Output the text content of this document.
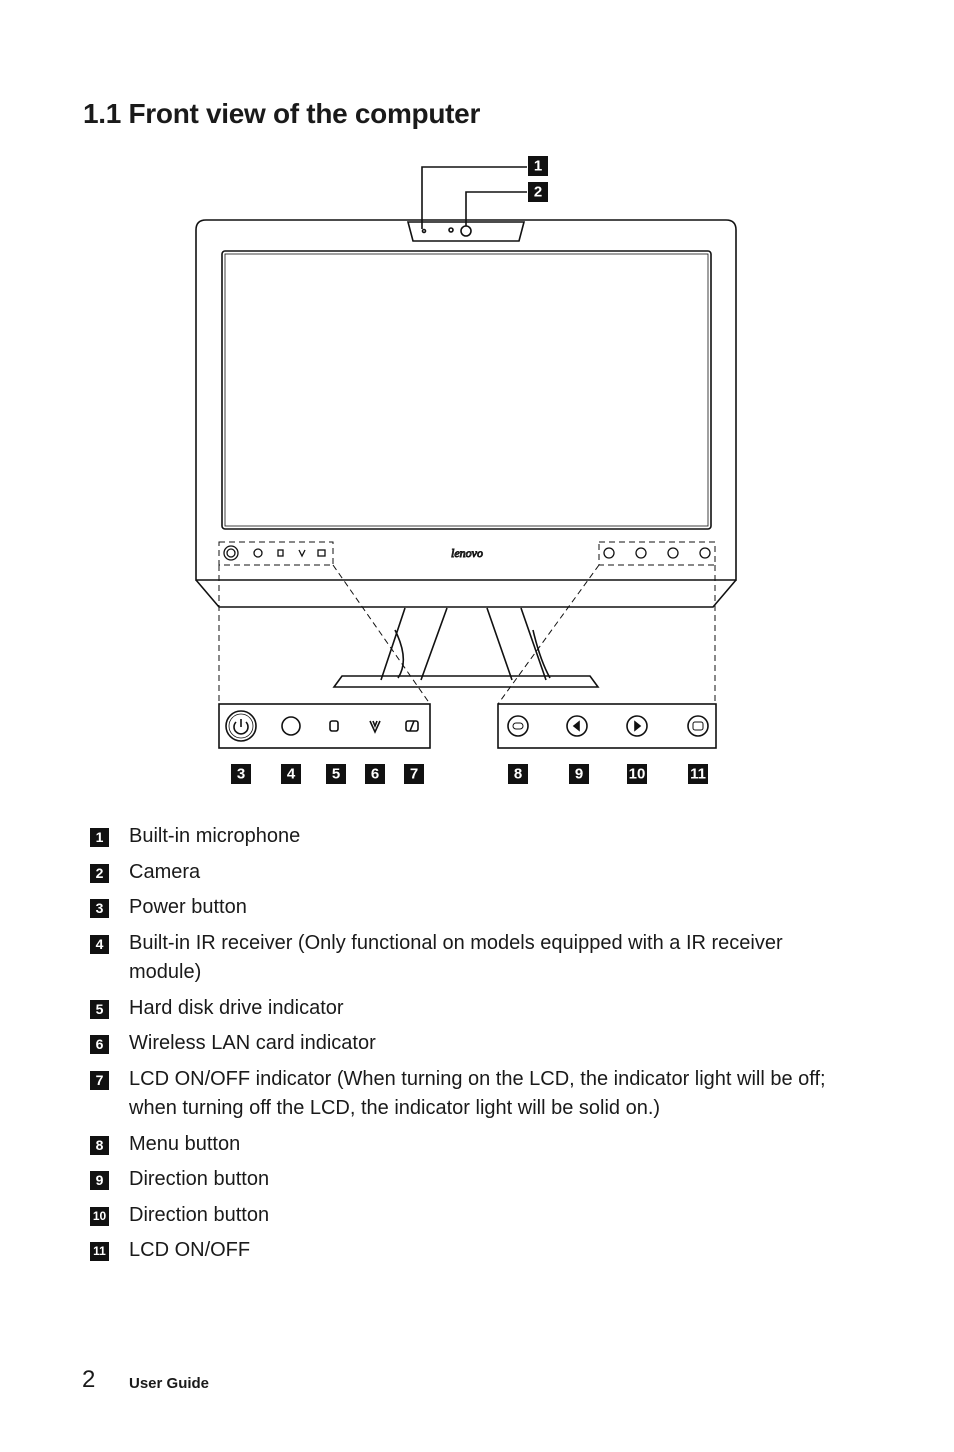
1.1 Front view of the computer
lenovo
1
2
3	4 5 6 7	8	9	10	11
1 Built-in microphone
2 Camera
3 Power button
4 Built-in IR receiver (Only functional on models equipped with a IR receiver module)
5 Hard disk drive indicator
6 Wireless LAN card indicator
7 LCD ON/OFF indicator (When turning on the LCD, the indicator light will be off; when turning off the LCD, the indicator light will be solid on.)
8 Menu button
9 Direction button
10 Direction button
11 LCD ON/OFF
2 User Guide
